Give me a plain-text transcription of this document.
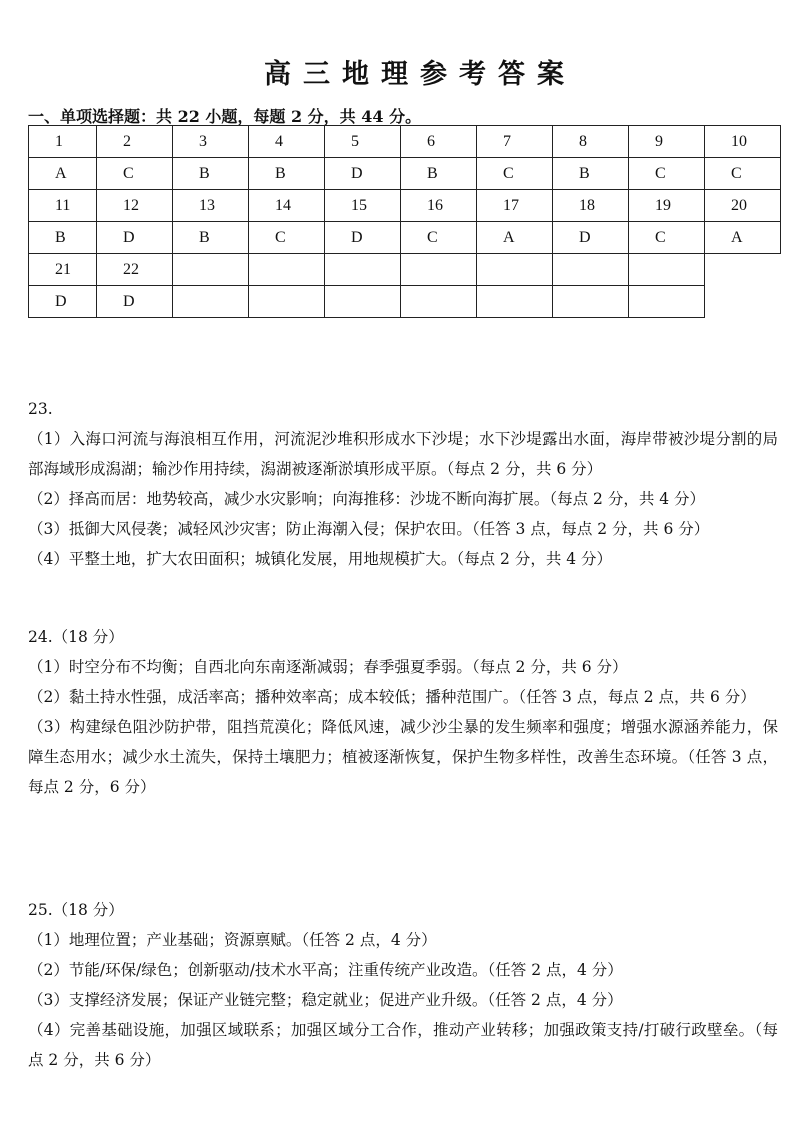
高三地理参考答案
一、单项选择题：共 22 小题，每题 2 分，共 44 分。
1	2	3	4	5	6	7	8	9	10
A	C	B	B	D	B	C	B	C	C
11	12	13	14	15	16	17	18	19	20
B	D	B	C	D	C	A	D	C	A
21	22								
D	D								
23.

（1）入海口河流与海浪相互作用，河流泥沙堆积形成水下沙堤；水下沙堤露出水面，海岸带被沙堤分割的局部海域形成潟湖；输沙作用持续，潟湖被逐渐淤填形成平原。（每点 2 分，共 6 分）

（2）择高而居：地势较高，减少水灾影响；向海推移：沙垅不断向海扩展。（每点 2 分，共 4 分）

（3）抵御大风侵袭；减轻风沙灾害；防止海潮入侵；保护农田。（任答 3 点，每点 2 分，共 6 分）

（4）平整土地，扩大农田面积；城镇化发展，用地规模扩大。（每点 2 分，共 4 分）

24.（18 分）

（1）时空分布不均衡；自西北向东南逐渐减弱；春季强夏季弱。（每点 2 分，共 6 分）

（2）黏土持水性强，成活率高；播种效率高；成本较低；播种范围广。（任答 3 点，每点 2 点，共 6 分）

（3）构建绿色阻沙防护带，阻挡荒漠化；降低风速，减少沙尘暴的发生频率和强度；增强水源涵养能力，保障生态用水；减少水土流失，保持土壤肥力；植被逐渐恢复，保护生物多样性，改善生态环境。（任答 3 点，每点 2 分，6 分）

25.（18 分）

（1）地理位置；产业基础；资源禀赋。（任答 2 点，4 分）

（2）节能/环保/绿色；创新驱动/技术水平高；注重传统产业改造。（任答 2 点，4 分）

（3）支撑经济发展；保证产业链完整；稳定就业；促进产业升级。（任答 2 点，4 分）

（4）完善基础设施，加强区域联系；加强区域分工合作，推动产业转移；加强政策支持/打破行政壁垒。（每点 2 分，共 6 分）
